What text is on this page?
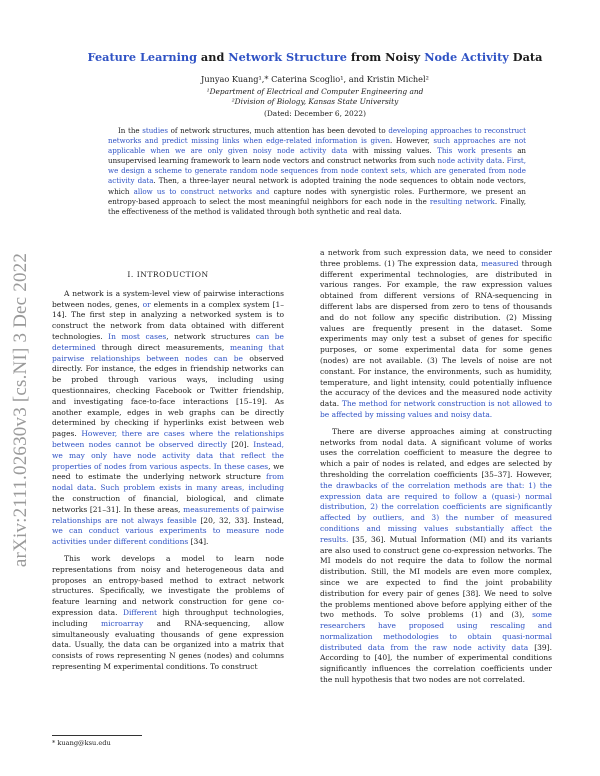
arXiv:2111.02630v3 [cs.NI] 3 Dec 2022
Feature Learning and Network Structure from Noisy Node Activity Data
Junyao Kuang¹,* Caterina Scoglio¹, and Kristin Michel²
¹Department of Electrical and Computer Engineering and
²Division of Biology, Kansas State University
(Dated: December 6, 2022)

In the studies of network structures, much attention has been devoted to developing approaches to reconstruct networks and predict missing links when edge-related information is given. However, such approaches are not applicable when we are only given noisy node activity data with missing values. This work presents an unsupervised learning framework to learn node vectors and construct networks from such node activity data. First, we design a scheme to generate random node sequences from node context sets, which are generated from node activity data. Then, a three-layer neural network is adopted training the node sequences to obtain node vectors, which allow us to construct networks and capture nodes with synergistic roles. Furthermore, we present an entropy-based approach to select the most meaningful neighbors for each node in the resulting network. Finally, the effectiveness of the method is validated through both synthetic and real data.

I. INTRODUCTION

A network is a system-level view of pairwise interactions between nodes, genes, or elements in a complex system [1–14]. The first step in analyzing a networked system is to construct the network from data obtained with different technologies. In most cases, network structures can be determined through direct measurements, meaning that pairwise relationships between nodes can be observed directly. For instance, the edges in friendship networks can be probed through various ways, including using questionnaires, checking Facebook or Twitter friendship, and investigating face-to-face interactions [15–19]. As another example, edges in web graphs can be directly determined by checking if hyperlinks exist between web pages. However, there are cases where the relationships between nodes cannot be observed directly [20]. Instead, we may only have node activity data that reflect the properties of nodes from various aspects. In these cases, we need to estimate the underlying network structure from nodal data. Such problem exists in many areas, including the construction of financial, biological, and climate networks [21–31]. In these areas, measurements of pairwise relationships are not always feasible [20, 32, 33]. Instead, we can conduct various experiments to measure node activities under different conditions [34].

This work develops a model to learn node representations from noisy and heterogeneous data and proposes an entropy-based method to extract network structures. Specifically, we investigate the problems of feature learning and network construction for gene co-expression data. Different high throughput technologies, including microarray and RNA-sequencing, allow simultaneously evaluating thousands of gene expression data. Usually, the data can be organized into a matrix that consists of rows representing N genes (nodes) and columns representing M experimental conditions. To construct

a network from such expression data, we need to consider three problems. (1) The expression data, measured through different experimental technologies, are distributed in various ranges. For example, the raw expression values obtained from different versions of RNA-sequencing in different labs are dispersed from zero to tens of thousands and do not follow any specific distribution. (2) Missing values are frequently present in the dataset. Some experiments may only test a subset of genes for specific purposes, or some experimental data for some genes (nodes) are not available. (3) The levels of noise are not constant. For instance, the environments, such as humidity, temperature, and light intensity, could potentially influence the accuracy of the devices and the measured node activity data. The method for network construction is not allowed to be affected by missing values and noisy data.

There are diverse approaches aiming at constructing networks from nodal data. A significant volume of works uses the correlation coefficient to measure the degree to which a pair of nodes is related, and edges are selected by thresholding the correlation coefficients [35–37]. However, the drawbacks of the correlation methods are that: 1) the expression data are required to follow a (quasi-) normal distribution, 2) the correlation coefficients are significantly affected by outliers, and 3) the number of measured conditions and missing values substantially affect the results. [35, 36]. Mutual Information (MI) and its variants are also used to construct gene co-expression networks. The MI models do not require the data to follow the normal distribution. Still, the MI models are even more complex, since we are expected to find the joint probability distribution for every pair of genes [38]. We need to solve the problems mentioned above before applying either of the two methods. To solve problems (1) and (3), some researchers have proposed using rescaling and normalization methodologies to obtain quasi-normal distributed data from the raw node activity data [39]. According to [40], the number of experimental conditions significantly influences the correlation coefficients under the null hypothesis that two nodes are not correlated.

* kuang@ksu.edu
